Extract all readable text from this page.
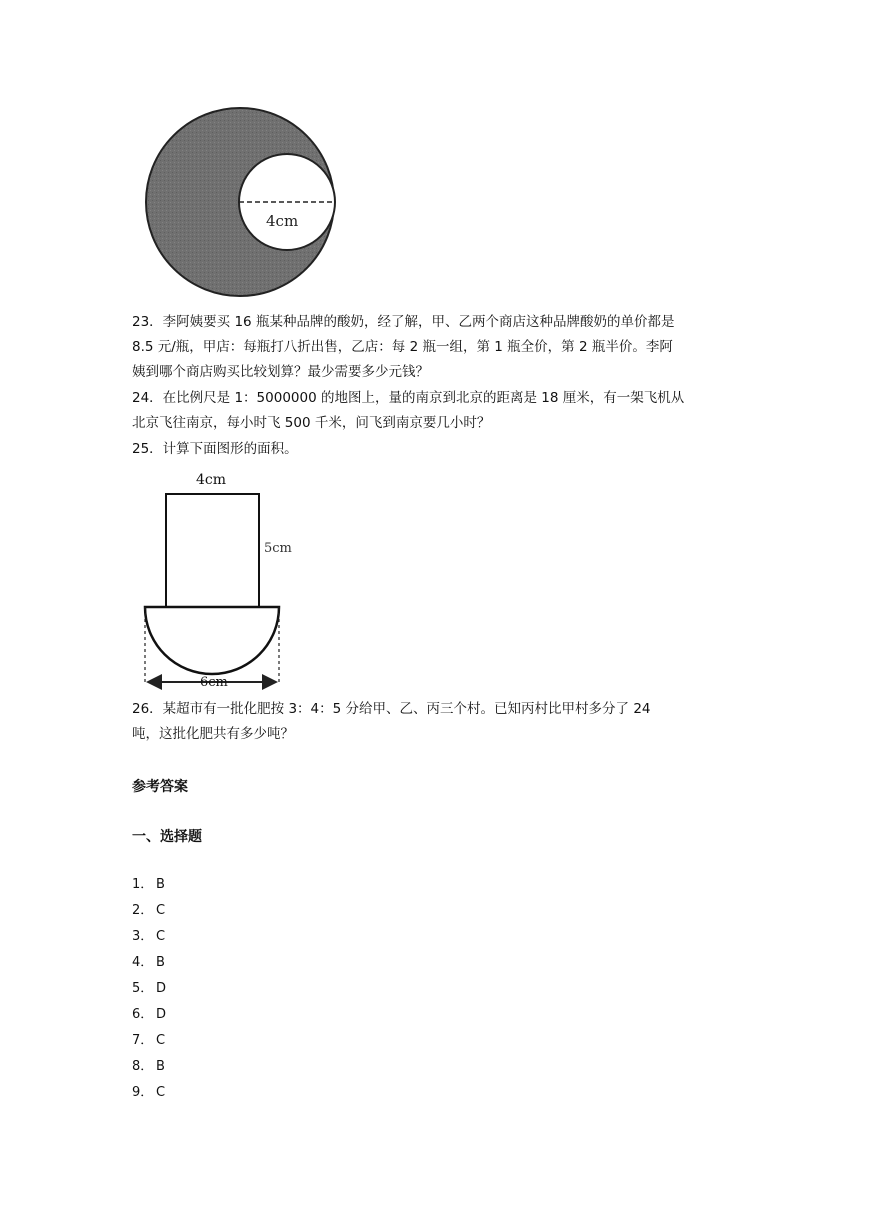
4cm
23．李阿姨要买 16 瓶某种品牌的酸奶，经了解，甲、乙两个商店这种品牌酸奶的单价都是
8.5 元/瓶，甲店：每瓶打八折出售，乙店：每 2 瓶一组，第 1 瓶全价，第 2 瓶半价。李阿
姨到哪个商店购买比较划算？最少需要多少元钱？
24．在比例尺是 1：5000000 的地图上，量的南京到北京的距离是 18 厘米，有一架飞机从
北京飞往南京，每小时飞 500 千米，问飞到南京要几小时？
25．计算下面图形的面积。
4cm
5cm
6cm
26．某超市有一批化肥按 3：4：5 分给甲、乙、丙三个村。已知丙村比甲村多分了 24
吨，这批化肥共有多少吨？
参考答案
一、选择题
1． B
2． C
3． C
4． B
5． D
6． D
7． C
8． B
9． C
